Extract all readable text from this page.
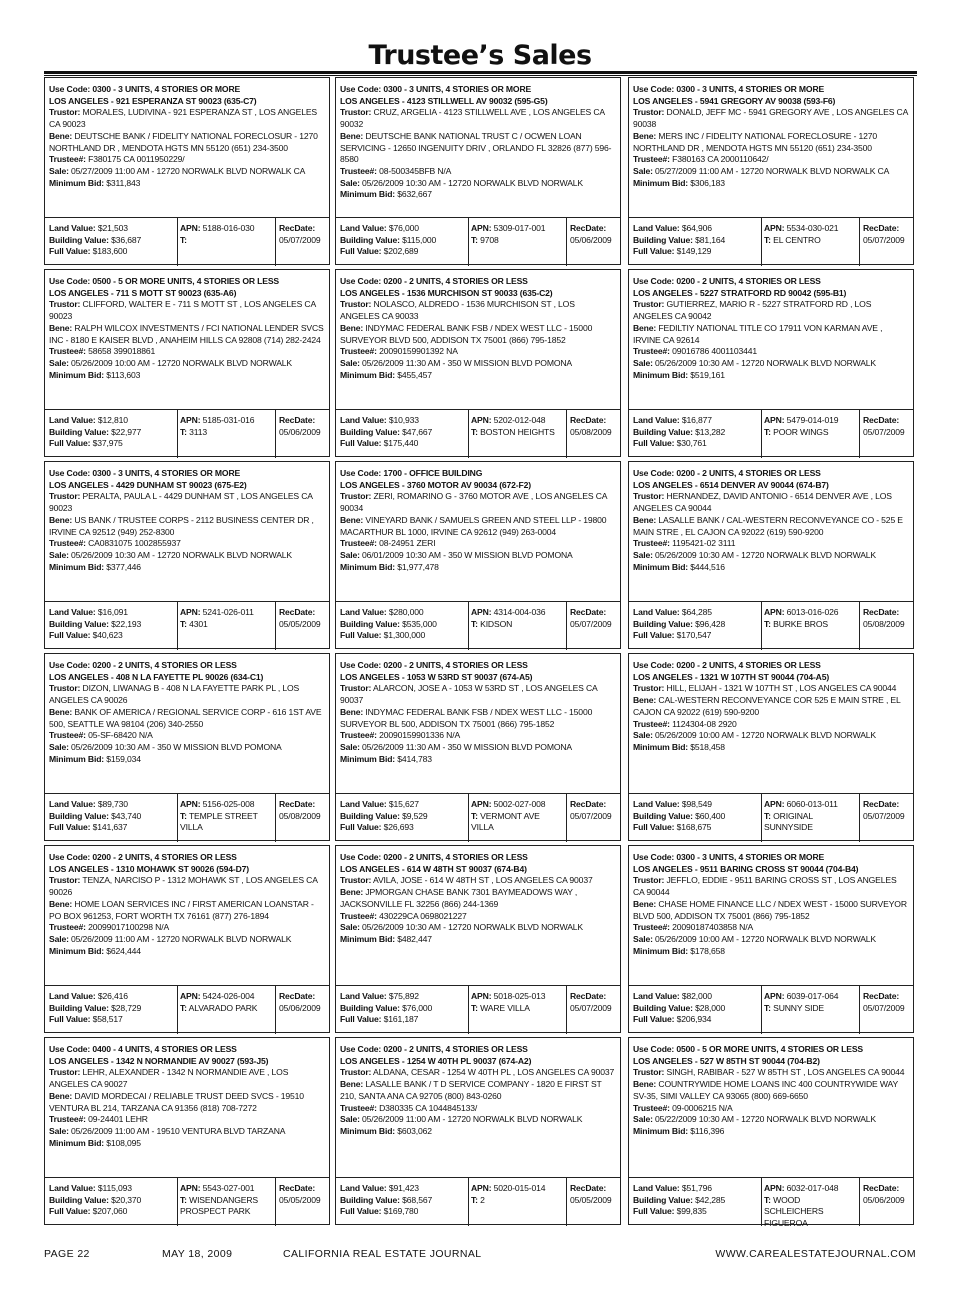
Trustee’s Sales
Use Code: 0300 - 3 UNITS, 4 STORIES OR MORE
LOS ANGELES - 921 ESPERANZA ST 90023 (635-C7)
Trustor: MORALES, LUDIVINA - 921 ESPERANZA ST , LOS ANGELES CA 90023
Bene: DEUTSCHE BANK / FIDELITY NATIONAL FORECLOSUR - 1270 NORTHLAND DR , MENDOTA HGTS MN 55120 (651) 234-3500
Trustee#: F380175 CA 0011950229/
Sale: 05/27/2009 11:00 AM - 12720 NORWALK BLVD NORWALK CA
Minimum Bid: $311,843
Land Value: $21,503
Building Value: $36,687
Full Value: $183,600
APN: 5188-016-030
T:
RecDate:
05/07/2009
Use Code: 0300 - 3 UNITS, 4 STORIES OR MORE
LOS ANGELES - 4123 STILLWELL AV 90032 (595-G5)
Trustor: CRUZ, ARGELIA - 4123 STILLWELL AVE , LOS ANGELES CA 90032
Bene: DEUTSCHE BANK NATIONAL TRUST C / OCWEN LOAN SERVICING - 12650 INGENUITY DRIV , ORLANDO FL 32826 (877) 596-8580
Trustee#: 08-500345BFB N/A
Sale: 05/26/2009 10:30 AM - 12720 NORWALK BLVD NORWALK
Minimum Bid: $632,667
Land Value: $76,000
Building Value: $115,000
Full Value: $202,689
APN: 5309-017-001
T: 9708
RecDate:
05/06/2009
Use Code: 0300 - 3 UNITS, 4 STORIES OR MORE
LOS ANGELES - 5941 GREGORY AV 90038 (593-F6)
Trustor: DONALD, JEFF MC - 5941 GREGORY AVE , LOS ANGELES CA 90038
Bene: MERS INC / FIDELITY NATIONAL FORECLOSURE - 1270 NORTHLAND DR , MENDOTA HGTS MN 55120 (651) 234-3500
Trustee#: F380163 CA 2000110642/
Sale: 05/27/2009 11:00 AM - 12720 NORWALK BLVD NORWALK CA
Minimum Bid: $306,183
Land Value: $64,906
Building Value: $81,164
Full Value: $149,129
APN: 5534-030-021
T: EL CENTRO
RecDate:
05/07/2009
Use Code: 0500 - 5 OR MORE UNITS, 4 STORIES OR LESS
LOS ANGELES - 711 S MOTT ST 90023 (635-A6)
Trustor: CLIFFORD, WALTER E - 711 S MOTT ST , LOS ANGELES CA 90023
Bene: RALPH WILCOX INVESTMENTS / FCI NATIONAL LENDER SVCS INC - 8180 E KAISER BLVD , ANAHEIM HILLS CA 92808 (714) 282-2424
Trustee#: 58658 399018861
Sale: 05/26/2009 10:00 AM - 12720 NORWALK BLVD NORWALK
Minimum Bid: $113,603
Land Value: $12,810
Building Value: $22,977
Full Value: $37,975
APN: 5185-031-016
T: 3113
RecDate:
05/06/2009
Use Code: 0200 - 2 UNITS, 4 STORIES OR LESS
LOS ANGELES - 1536 MURCHISON ST 90033 (635-C2)
Trustor: NOLASCO, ALDREDO - 1536 MURCHISON ST , LOS ANGELES CA 90033
Bene: INDYMAC FEDERAL BANK FSB / NDEX WEST LLC - 15000 SURVEYOR BLVD 500, ADDISON TX 75001 (866) 795-1852
Trustee#: 20090159901392 NA
Sale: 05/26/2009 11:30 AM - 350 W MISSION BLVD POMONA
Minimum Bid: $455,457
Land Value: $10,933
Building Value: $47,667
Full Value: $175,440
APN: 5202-012-048
T: BOSTON HEIGHTS
RecDate:
05/08/2009
Use Code: 0200 - 2 UNITS, 4 STORIES OR LESS
LOS ANGELES - 5227 STRATFORD RD 90042 (595-B1)
Trustor: GUTIERREZ, MARIO R - 5227 STRATFORD RD , LOS ANGELES CA 90042
Bene: FEDILTIY NATIONAL TITLE CO 17911 VON KARMAN AVE , IRVINE CA 92614
Trustee#: 09016786 4001103441
Sale: 05/26/2009 10:30 AM - 12720 NORWALK BLVD NORWALK
Minimum Bid: $519,161
Land Value: $16,877
Building Value: $13,282
Full Value: $30,761
APN: 5479-014-019
T: POOR WINGS
RecDate:
05/07/2009
Use Code: 0300 - 3 UNITS, 4 STORIES OR MORE
LOS ANGELES - 4429 DUNHAM ST 90023 (675-E2)
Trustor: PERALTA, PAULA L - 4429 DUNHAM ST , LOS ANGELES CA 90023
Bene: US BANK / TRUSTEE CORPS - 2112 BUSINESS CENTER DR , IRVINE CA 92512 (949) 252-8300
Trustee#: CA0831075 1002855937
Sale: 05/26/2009 10:30 AM - 12720 NORWALK BLVD NORWALK
Minimum Bid: $377,446
Land Value: $16,091
Building Value: $22,193
Full Value: $40,623
APN: 5241-026-011
T: 4301
RecDate:
05/05/2009
Use Code: 1700 - OFFICE BUILDING
LOS ANGELES - 3760 MOTOR AV 90034 (672-F2)
Trustor: ZERI, ROMARINO G - 3760 MOTOR AVE , LOS ANGELES CA 90034
Bene: VINEYARD BANK / SAMUELS GREEN AND STEEL LLP - 19800 MACARTHUR BL 1000, IRVINE CA 92612 (949) 263-0004
Trustee#: 08-24951 ZERI
Sale: 06/01/2009 10:30 AM - 350 W MISSION BLVD POMONA
Minimum Bid: $1,977,478
Land Value: $280,000
Building Value: $535,000
Full Value: $1,300,000
APN: 4314-004-036
T: KIDSON
RecDate:
05/07/2009
Use Code: 0200 - 2 UNITS, 4 STORIES OR LESS
LOS ANGELES - 6514 DENVER AV 90044 (674-B7)
Trustor: HERNANDEZ, DAVID ANTONIO - 6514 DENVER AVE , LOS ANGELES CA 90044
Bene: LASALLE BANK / CAL-WESTERN RECONVEYANCE CO - 525 E MAIN STRE , EL CAJON CA 92022 (619) 590-9200
Trustee#: 1195421-02 3111
Sale: 05/26/2009 10:30 AM - 12720 NORWALK BLVD NORWALK
Minimum Bid: $444,516
Land Value: $64,285
Building Value: $96,428
Full Value: $170,547
APN: 6013-016-026
T: BURKE BROS
RecDate:
05/08/2009
Use Code: 0200 - 2 UNITS, 4 STORIES OR LESS
LOS ANGELES - 408 N LA FAYETTE PL 90026 (634-C1)
Trustor: DIZON, LIWANAG B - 408 N LA FAYETTE PARK PL , LOS ANGELES CA 90026
Bene: BANK OF AMERICA / REGIONAL SERVICE CORP - 616 1ST AVE 500, SEATTLE WA 98104 (206) 340-2550
Trustee#: 05-SF-68420 N/A
Sale: 05/26/2009 10:30 AM - 350 W MISSION BLVD POMONA
Minimum Bid: $159,034
Land Value: $89,730
Building Value: $43,740
Full Value: $141,637
APN: 5156-025-008
T: TEMPLE STREET VILLA
RecDate:
05/08/2009
Use Code: 0200 - 2 UNITS, 4 STORIES OR LESS
LOS ANGELES - 1053 W 53RD ST 90037 (674-A5)
Trustor: ALARCON, JOSE A - 1053 W 53RD ST , LOS ANGELES CA 90037
Bene: INDYMAC FEDERAL BANK FSB / NDEX WEST LLC - 15000 SURVEYOR BL 500, ADDISON TX 75001 (866) 795-1852
Trustee#: 20090159901336 N/A
Sale: 05/26/2009 11:30 AM - 350 W MISSION BLVD POMONA
Minimum Bid: $414,783
Land Value: $15,627
Building Value: $9,529
Full Value: $26,693
APN: 5002-027-008
T: VERMONT AVE VILLA
RecDate:
05/07/2009
Use Code: 0200 - 2 UNITS, 4 STORIES OR LESS
LOS ANGELES - 1321 W 107TH ST 90044 (704-A5)
Trustor: HILL, ELIJAH - 1321 W 107TH ST , LOS ANGELES CA 90044
Bene: CAL-WESTERN RECONVEYANCE COR 525 E MAIN STRE , EL CAJON CA 92022 (619) 590-9200
Trustee#: 1124304-08 2920
Sale: 05/26/2009 10:00 AM - 12720 NORWALK BLVD NORWALK
Minimum Bid: $518,458
Land Value: $98,549
Building Value: $60,400
Full Value: $168,675
APN: 6060-013-011
T: ORIGINAL SUNNYSIDE
RecDate:
05/07/2009
Use Code: 0200 - 2 UNITS, 4 STORIES OR LESS
LOS ANGELES - 1310 MOHAWK ST 90026 (594-D7)
Trustor: TENZA, NARCISO P - 1312 MOHAWK ST , LOS ANGELES CA 90026
Bene: HOME LOAN SERVICES INC / FIRST AMERICAN LOANSTAR - PO BOX 961253, FORT WORTH TX 76161 (877) 276-1894
Trustee#: 20099017100298 N/A
Sale: 05/26/2009 11:00 AM - 12720 NORWALK BLVD NORWALK
Minimum Bid: $624,444
Land Value: $26,416
Building Value: $28,729
Full Value: $58,517
APN: 5424-026-004
T: ALVARADO PARK
RecDate:
05/06/2009
Use Code: 0200 - 2 UNITS, 4 STORIES OR LESS
LOS ANGELES - 614 W 48TH ST 90037 (674-B4)
Trustor: AVILA, JOSE - 614 W 48TH ST , LOS ANGELES CA 90037
Bene: JPMORGAN CHASE BANK 7301 BAYMEADOWS WAY , JACKSONVILLE FL 32256 (866) 244-1369
Trustee#: 430229CA 0698021227
Sale: 05/26/2009 10:30 AM - 12720 NORWALK BLVD NORWALK
Minimum Bid: $482,447
Land Value: $75,892
Building Value: $76,000
Full Value: $161,187
APN: 5018-025-013
T: WARE VILLA
RecDate:
05/07/2009
Use Code: 0300 - 3 UNITS, 4 STORIES OR MORE
LOS ANGELES - 9511 BARING CROSS ST 90044 (704-B4)
Trustor: JEFFLO, EDDIE - 9511 BARING CROSS ST , LOS ANGELES CA 90044
Bene: CHASE HOME FINANCE LLC / NDEX WEST - 15000 SURVEYOR BLVD 500, ADDISON TX 75001 (866) 795-1852
Trustee#: 20090187403858 N/A
Sale: 05/26/2009 10:00 AM - 12720 NORWALK BLVD NORWALK
Minimum Bid: $178,658
Land Value: $82,000
Building Value: $28,000
Full Value: $206,934
APN: 6039-017-064
T: SUNNY SIDE
RecDate:
05/07/2009
Use Code: 0400 - 4 UNITS, 4 STORIES OR LESS
LOS ANGELES - 1342 N NORMANDIE AV 90027 (593-J5)
Trustor: LEHR, ALEXANDER - 1342 N NORMANDIE AVE , LOS ANGELES CA 90027
Bene: DAVID MORDECAI / RELIABLE TRUST DEED SVCS - 19510 VENTURA BL 214, TARZANA CA 91356 (818) 708-7272
Trustee#: 09-24401 LEHR
Sale: 05/26/2009 11:00 AM - 19510 VENTURA BLVD TARZANA
Minimum Bid: $108,095
Land Value: $115,093
Building Value: $20,370
Full Value: $207,060
APN: 5543-027-001
T: WISENDANGERS PROSPECT PARK
RecDate:
05/05/2009
Use Code: 0200 - 2 UNITS, 4 STORIES OR LESS
LOS ANGELES - 1254 W 40TH PL 90037 (674-A2)
Trustor: ALDANA, CESAR - 1254 W 40TH PL , LOS ANGELES CA 90037
Bene: LASALLE BANK / T D SERVICE COMPANY - 1820 E FIRST ST 210, SANTA ANA CA 92705 (800) 843-0260
Trustee#: D380335 CA 1044845133/
Sale: 05/26/2009 11:00 AM - 12720 NORWALK BLVD NORWALK
Minimum Bid: $603,062
Land Value: $91,423
Building Value: $68,567
Full Value: $169,780
APN: 5020-015-014
T: 2
RecDate:
05/05/2009
Use Code: 0500 - 5 OR MORE UNITS, 4 STORIES OR LESS
LOS ANGELES - 527 W 85TH ST 90044 (704-B2)
Trustor: SINGH, RABIBAR - 527 W 85TH ST , LOS ANGELES CA 90044
Bene: COUNTRYWIDE HOME LOANS INC 400 COUNTRYWIDE WAY SV-35, SIMI VALLEY CA 93065 (800) 669-6650
Trustee#: 09-0006215 N/A
Sale: 05/22/2009 10:30 AM - 12720 NORWALK BLVD NORWALK
Minimum Bid: $116,396
Land Value: $51,796
Building Value: $42,285
Full Value: $99,835
APN: 6032-017-048
T: WOOD SCHLEICHERS FIGUEROA
RecDate:
05/06/2009
PAGE 22	MAY 18, 2009	CALIFORNIA REAL ESTATE JOURNAL	WWW.CAREALESTATEJOURNAL.COM
